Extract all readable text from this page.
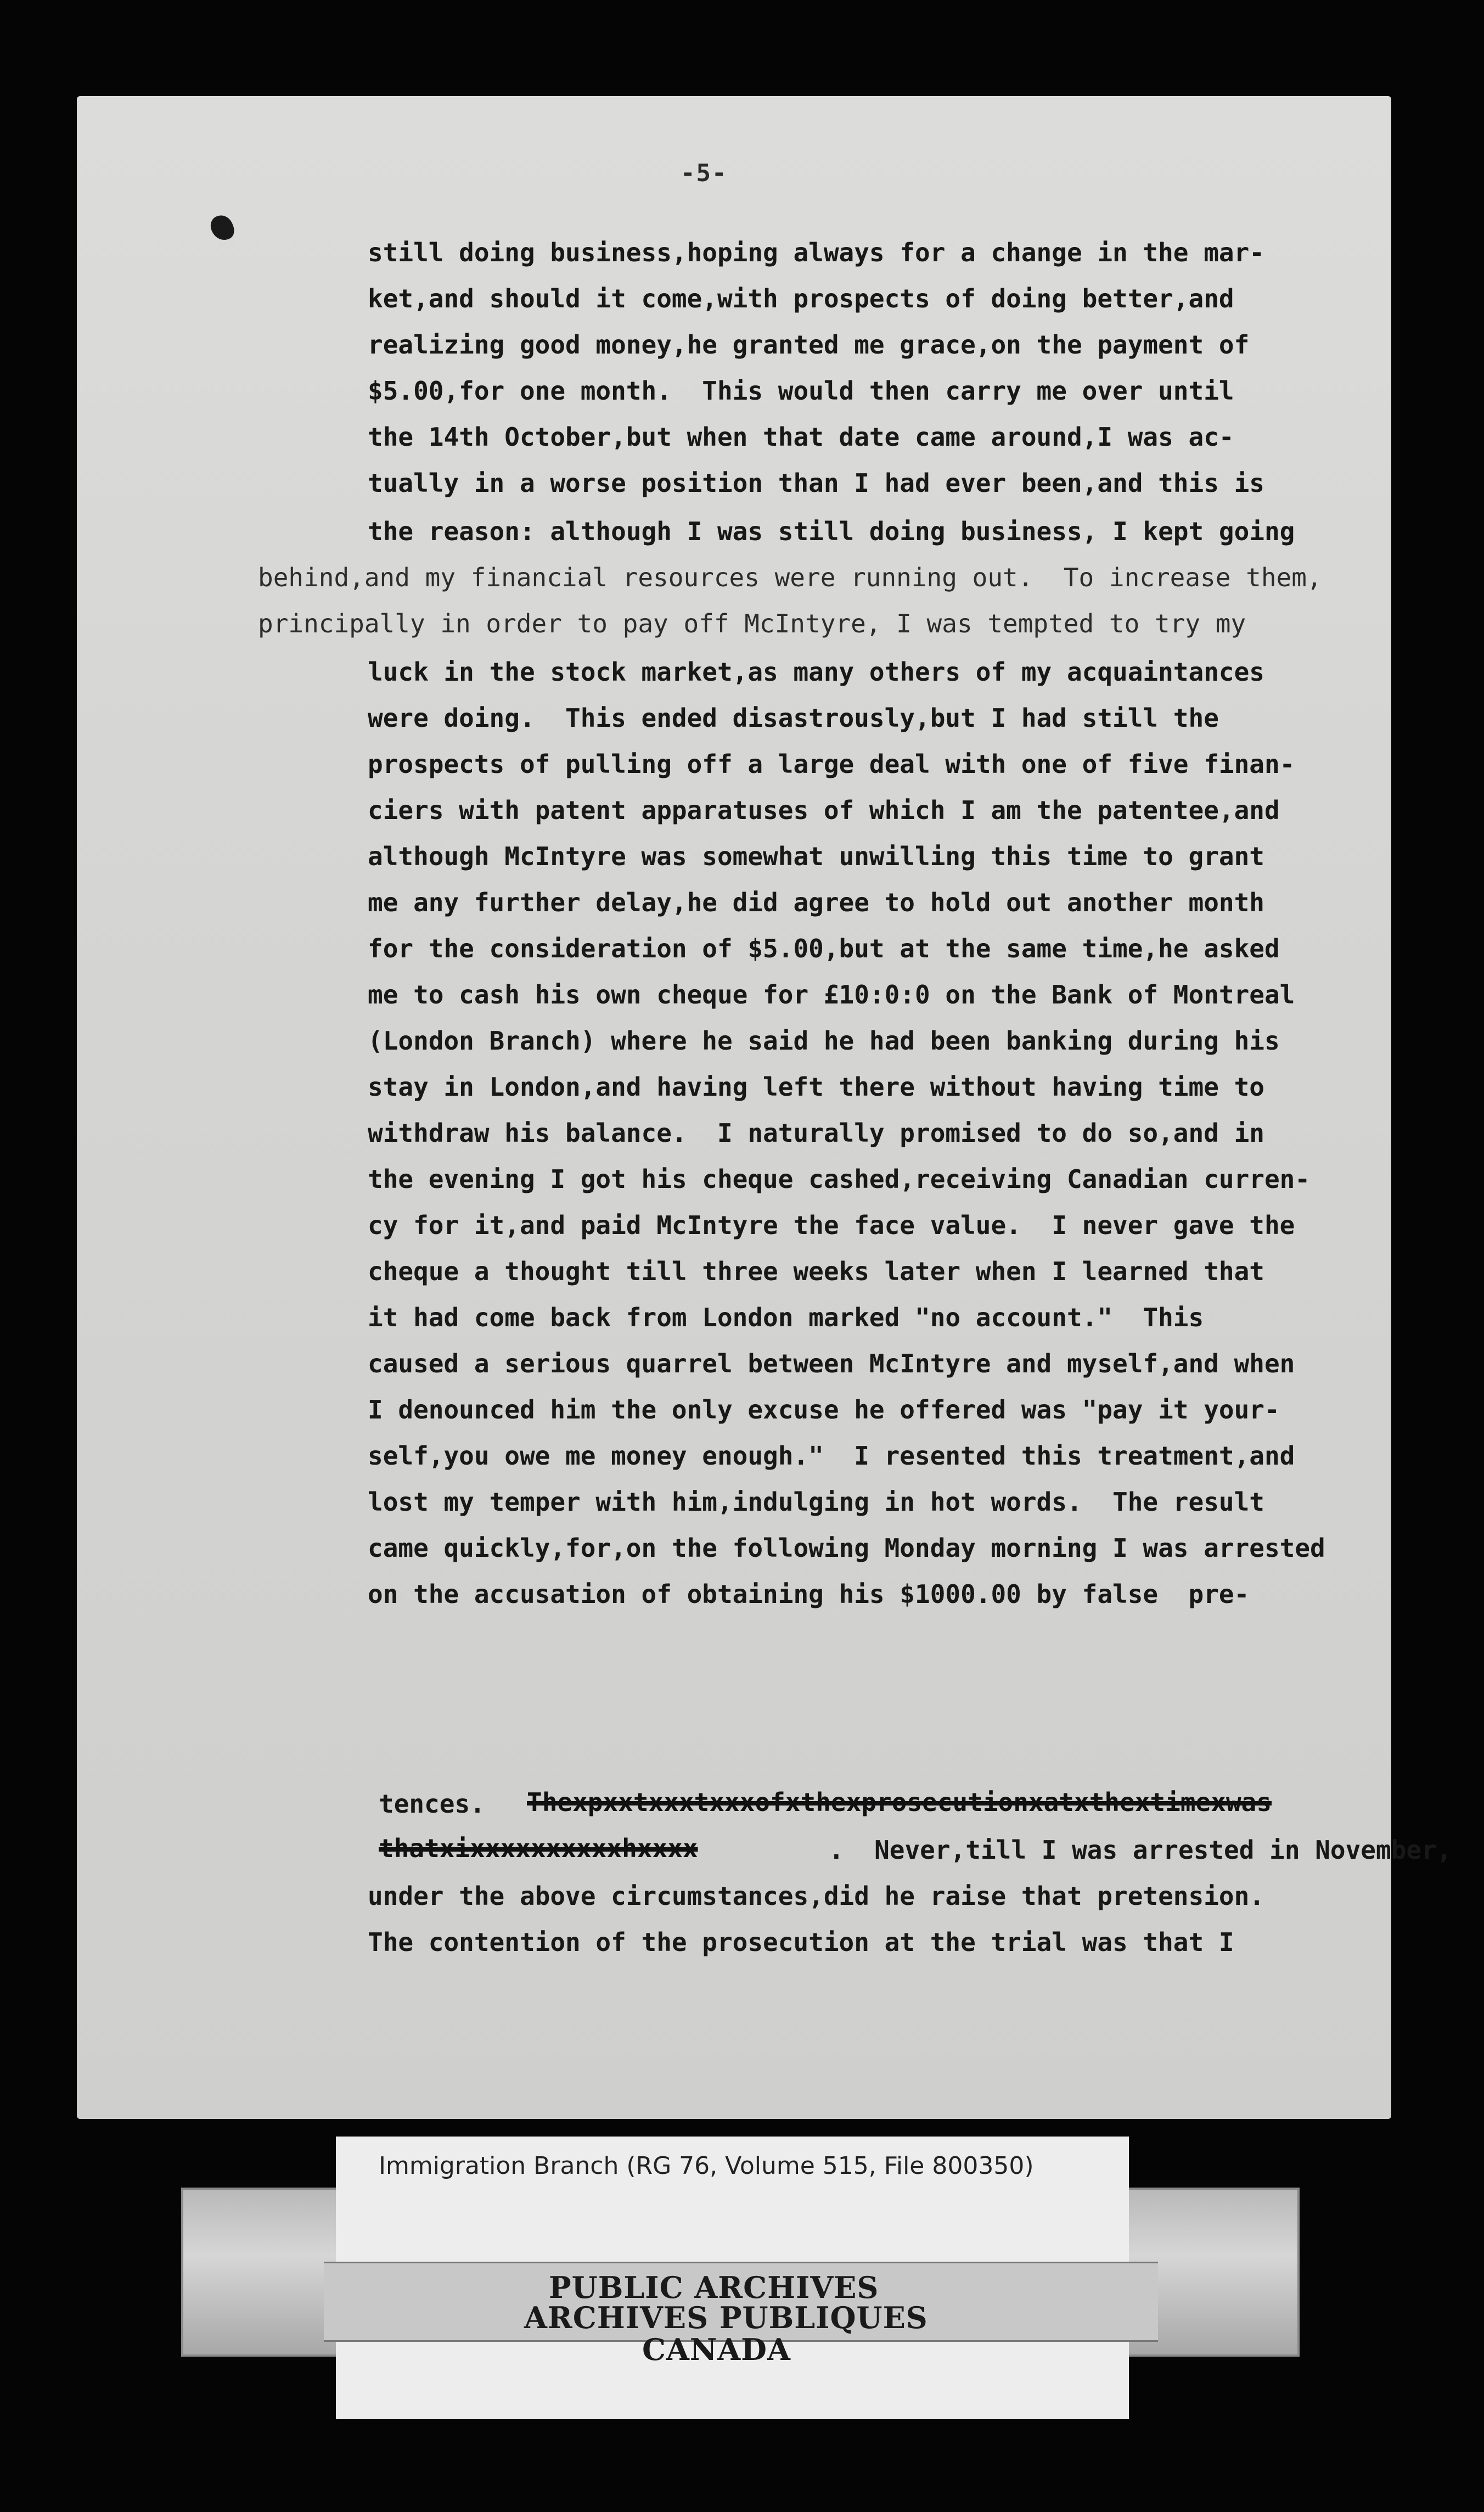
-5-
still doing business,hoping always for a change in the mar-
ket,and should it come,with prospects of doing better,and
realizing good money,he granted me grace,on the payment of
$5.00,for one month.  This would then carry me over until
the 14th October,but when that date came around,I was ac-
tually in a worse position than I had ever been,and this is
the reason: although I was still doing business, I kept going
behind,and my financial resources were running out.  To increase them,
principally in order to pay off McIntyre, I was tempted to try my
luck in the stock market,as many others of my acquaintances
were doing.  This ended disastrously,but I had still the
prospects of pulling off a large deal with one of five finan-
ciers with patent apparatuses of which I am the patentee,and
although McIntyre was somewhat unwilling this time to grant
me any further delay,he did agree to hold out another month
for the consideration of $5.00,but at the same time,he asked
me to cash his own cheque for £10:0:0 on the Bank of Montreal
(London Branch) where he said he had been banking during his
stay in London,and having left there without having time to
withdraw his balance.  I naturally promised to do so,and in
the evening I got his cheque cashed,receiving Canadian curren-
cy for it,and paid McIntyre the face value.  I never gave the
cheque a thought till three weeks later when I learned that
it had come back from London marked "no account."  This
caused a serious quarrel between McIntyre and myself,and when
I denounced him the only excuse he offered was "pay it your-
self,you owe me money enough."  I resented this treatment,and
lost my temper with him,indulging in hot words.  The result
came quickly,for,on the following Monday morning I was arrested
on the accusation of obtaining his $1000.00 by false  pre-
tences.
.  Never,till I was arrested in November,
under the above circumstances,did he raise that pretension.
The contention of the prosecution at the trial was that I
Thexpxxtxxxtxxxofxthexprosecutionxatxthextimexwas
thatxixxxxxxxxxxhxxxx
Immigration Branch (RG 76, Volume 515, File 800350)
PUBLIC ARCHIVES
ARCHIVES PUBLIQUES
CANADA
